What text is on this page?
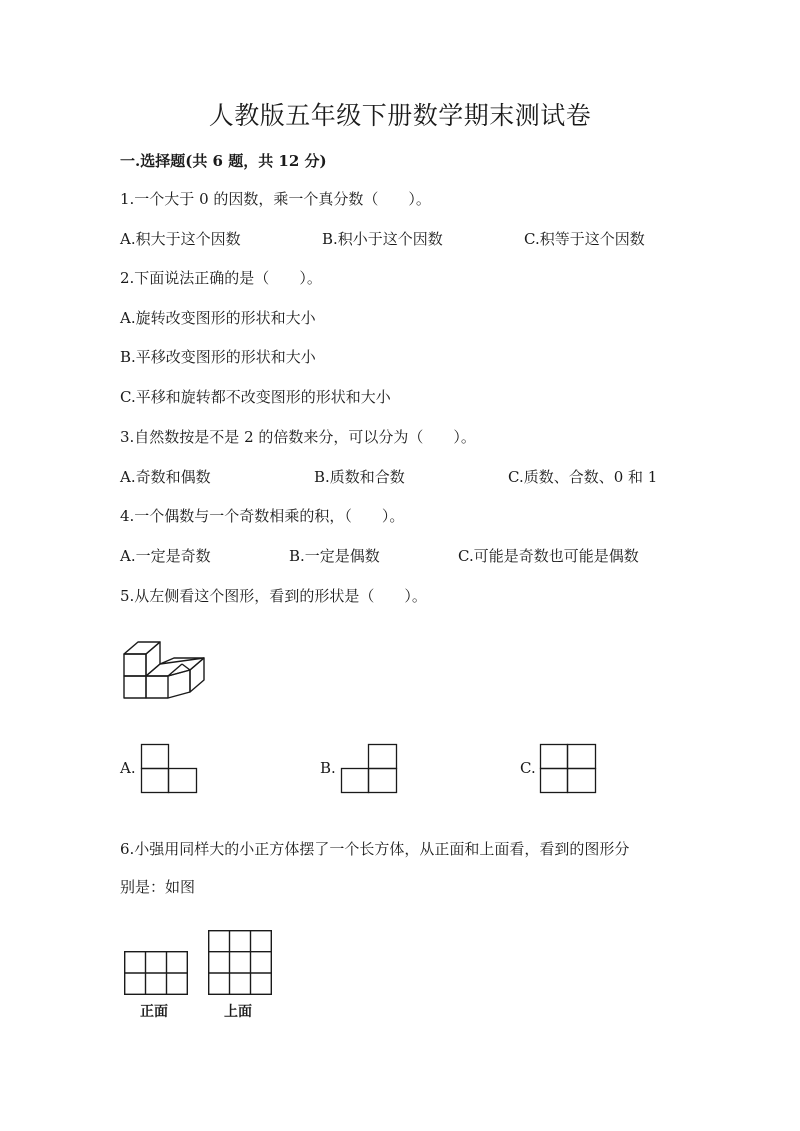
人教版五年级下册数学期末测试卷
一.选择题(共 6 题，共 12 分)
1.一个大于 0 的因数，乘一个真分数（　　）。
A.积大于这个因数	B.积小于这个因数	C.积等于这个因数
2.下面说法正确的是（　　）。
A.旋转改变图形的形状和大小
B.平移改变图形的形状和大小
C.平移和旋转都不改变图形的形状和大小
3.自然数按是不是 2 的倍数来分，可以分为（　　）。
A.奇数和偶数	B.质数和合数	C.质数、合数、0 和 1
4.一个偶数与一个奇数相乘的积，（　　）。
A.一定是奇数	B.一定是偶数	C.可能是奇数也可能是偶数
5.从左侧看这个图形，看到的形状是（　　）。
A.	B.	C.
6.小强用同样大的小正方体摆了一个长方体，从正面和上面看，看到的图形分
别是：如图
正面	上面
